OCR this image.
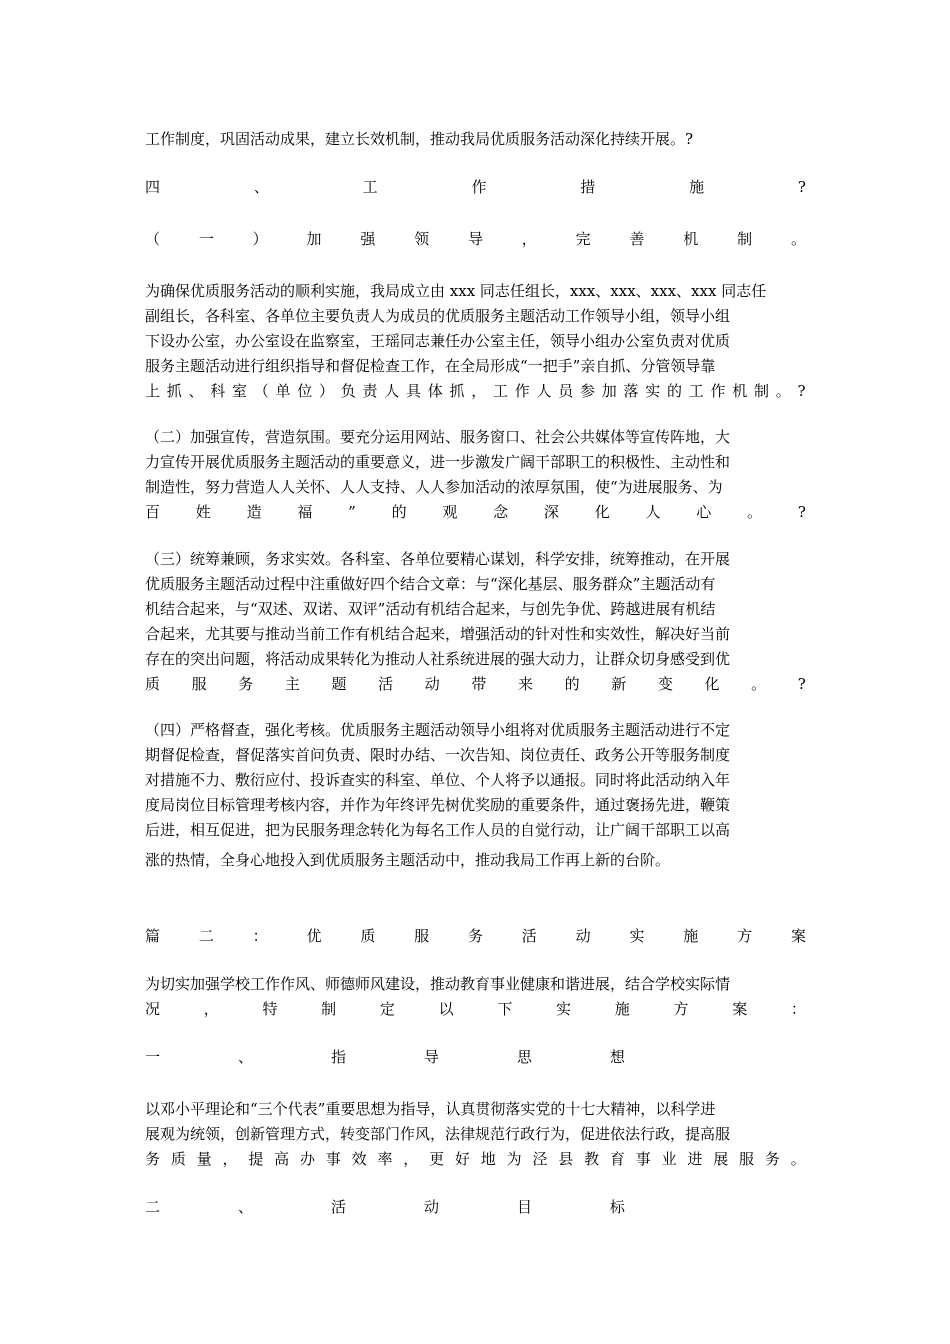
工作制度，巩固活动成果，建立长效机制，推动我局优质服务活动深化持续开展。?
四	、	工	作	措	施	?
（	一	）	加	强	领	导	，	完	善	机	制	。
为确保优质服务活动的顺利实施，我局成立由 xxx 同志任组长，xxx、xxx、xxx、xxx 同志任
副组长，各科室、各单位主要负责人为成员的优质服务主题活动工作领导小组，领导小组
下设办公室，办公室设在监察室，王瑶同志兼任办公室主任，领导小组办公室负责对优质
服务主题活动进行组织指导和督促检查工作，在全局形成“一把手”亲自抓、分管领导靠
上 抓 、 科 室 （ 单 位 ） 负 责 人 具 体 抓 ， 工 作 人 员 参 加 落 实 的 工 作 机 制 。 ?
（二）加强宣传，营造氛围。要充分运用网站、服务窗口、社会公共媒体等宣传阵地，大
力宣传开展优质服务主题活动的重要意义，进一步激发广阔干部职工的积极性、主动性和
制造性，努力营造人人关怀、人人支持、人人参加活动的浓厚氛围，使“为进展服务、为
百 姓 造 福 ” 的 观 念 深 化 人 心 。 ?
（三）统筹兼顾，务求实效。各科室、各单位要精心谋划，科学安排，统筹推动，在开展
优质服务主题活动过程中注重做好四个结合文章：与“深化基层、服务群众”主题活动有
机结合起来，与“双述、双诺、双评”活动有机结合起来，与创先争优、跨越进展有机结
合起来，尤其要与推动当前工作有机结合起来，增强活动的针对性和实效性，解决好当前
存在的突出问题，将活动成果转化为推动人社系统进展的强大动力，让群众切身感受到优
质 服 务 主 题 活 动 带 来 的 新 变 化 。 ?
（四）严格督查，强化考核。优质服务主题活动领导小组将对优质服务主题活动进行不定
期督促检查，督促落实首问负责、限时办结、一次告知、岗位责任、政务公开等服务制度
对措施不力、敷衍应付、投诉查实的科室、单位、个人将予以通报。同时将此活动纳入年
度局岗位目标管理考核内容，并作为年终评先树优奖励的重要条件，通过褒扬先进，鞭策
后进，相互促进，把为民服务理念转化为每名工作人员的自觉行动，让广阔干部职工以高
涨的热情，全身心地投入到优质服务主题活动中，推动我局工作再上新的台阶。
篇	二	：	优	质	服	务	活	动	实	施	方	案
为切实加强学校工作作风、师德师风建设，推动教育事业健康和谐进展，结合学校实际情
况	，	特	制	定	以	下	实	施	方	案	：
一	、	指	导	思	想
以邓小平理论和“三个代表”重要思想为指导，认真贯彻落实党的十七大精神，以科学进
展观为统领，创新管理方式，转变部门作风，法律规范行政行为，促进依法行政，提高服
务 质 量 ， 提 高 办 事 效 率 ， 更 好 地 为 泾 县 教 育 事 业 进 展 服 务 。
二	、	活	动	目	标
